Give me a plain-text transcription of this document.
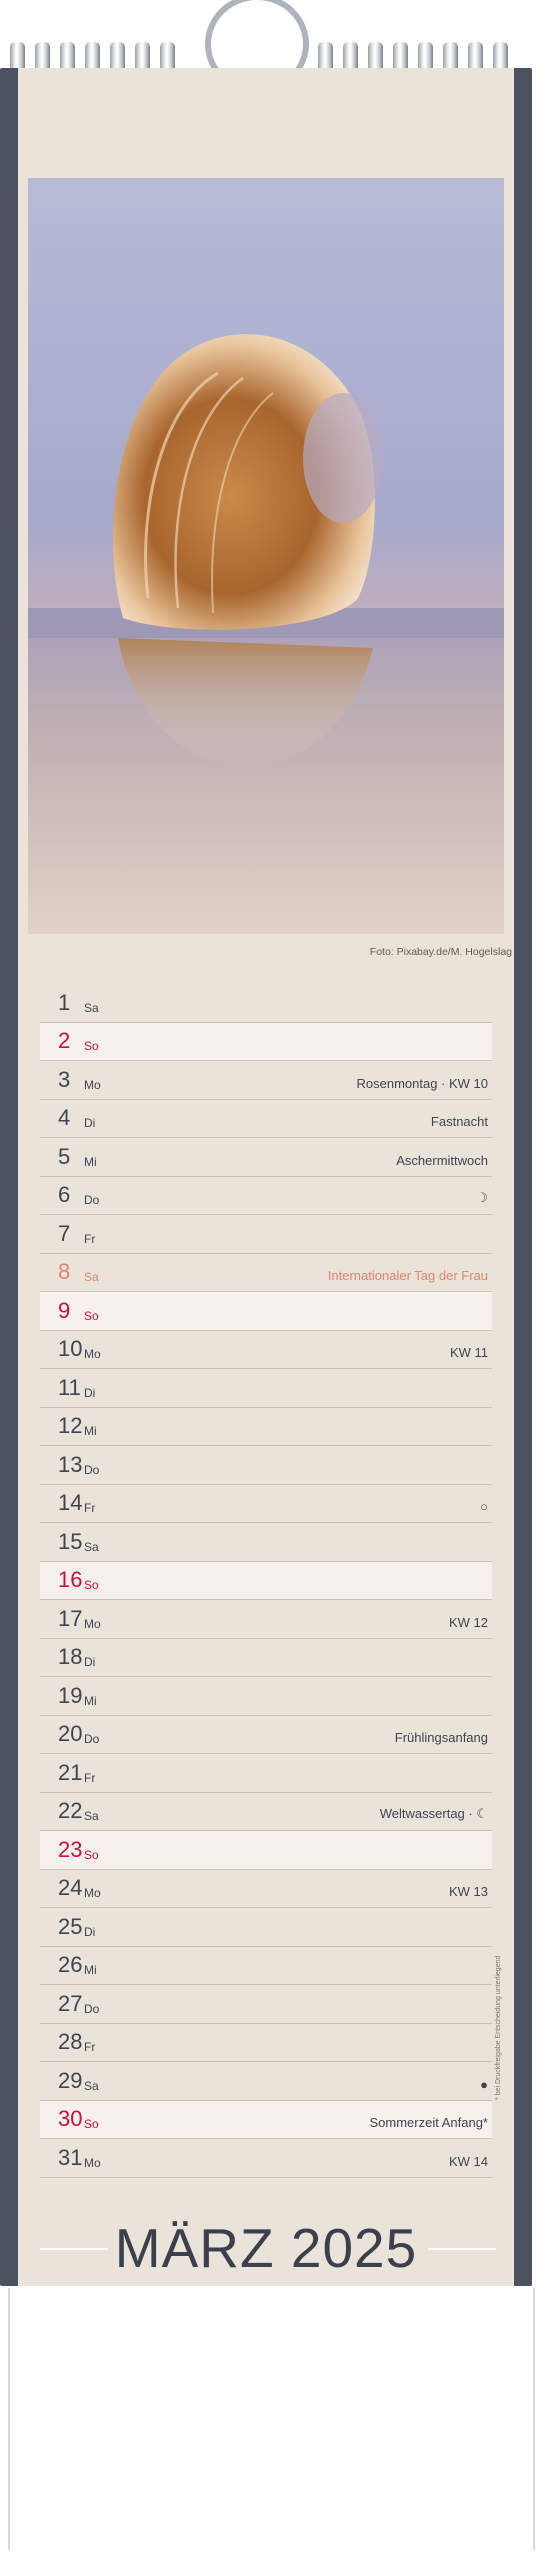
Foto: Pixabay.de/M. Hogelslag
1 Sa
2 So
3 Mo	Rosenmontag · KW 10
4 Di	Fastnacht
5 Mi	Aschermittwoch
6 Do	☽
7 Fr
8 Sa	Internationaler Tag der Frau
9 So
10 Mo	KW 11
11 Di
12 Mi
13 Do
14 Fr	○
15 Sa
16 So
17 Mo	KW 12
18 Di
19 Mi
20 Do	Frühlingsanfang
21 Fr
22 Sa	Weltwassertag · ☾
23 So
24 Mo	KW 13
25 Di
26 Mi
27 Do
28 Fr
29 Sa	●
30 So	Sommerzeit Anfang*
31 Mo	KW 14
* bei Druckfreigabe Entscheidung unterliegend
MÄRZ 2025
